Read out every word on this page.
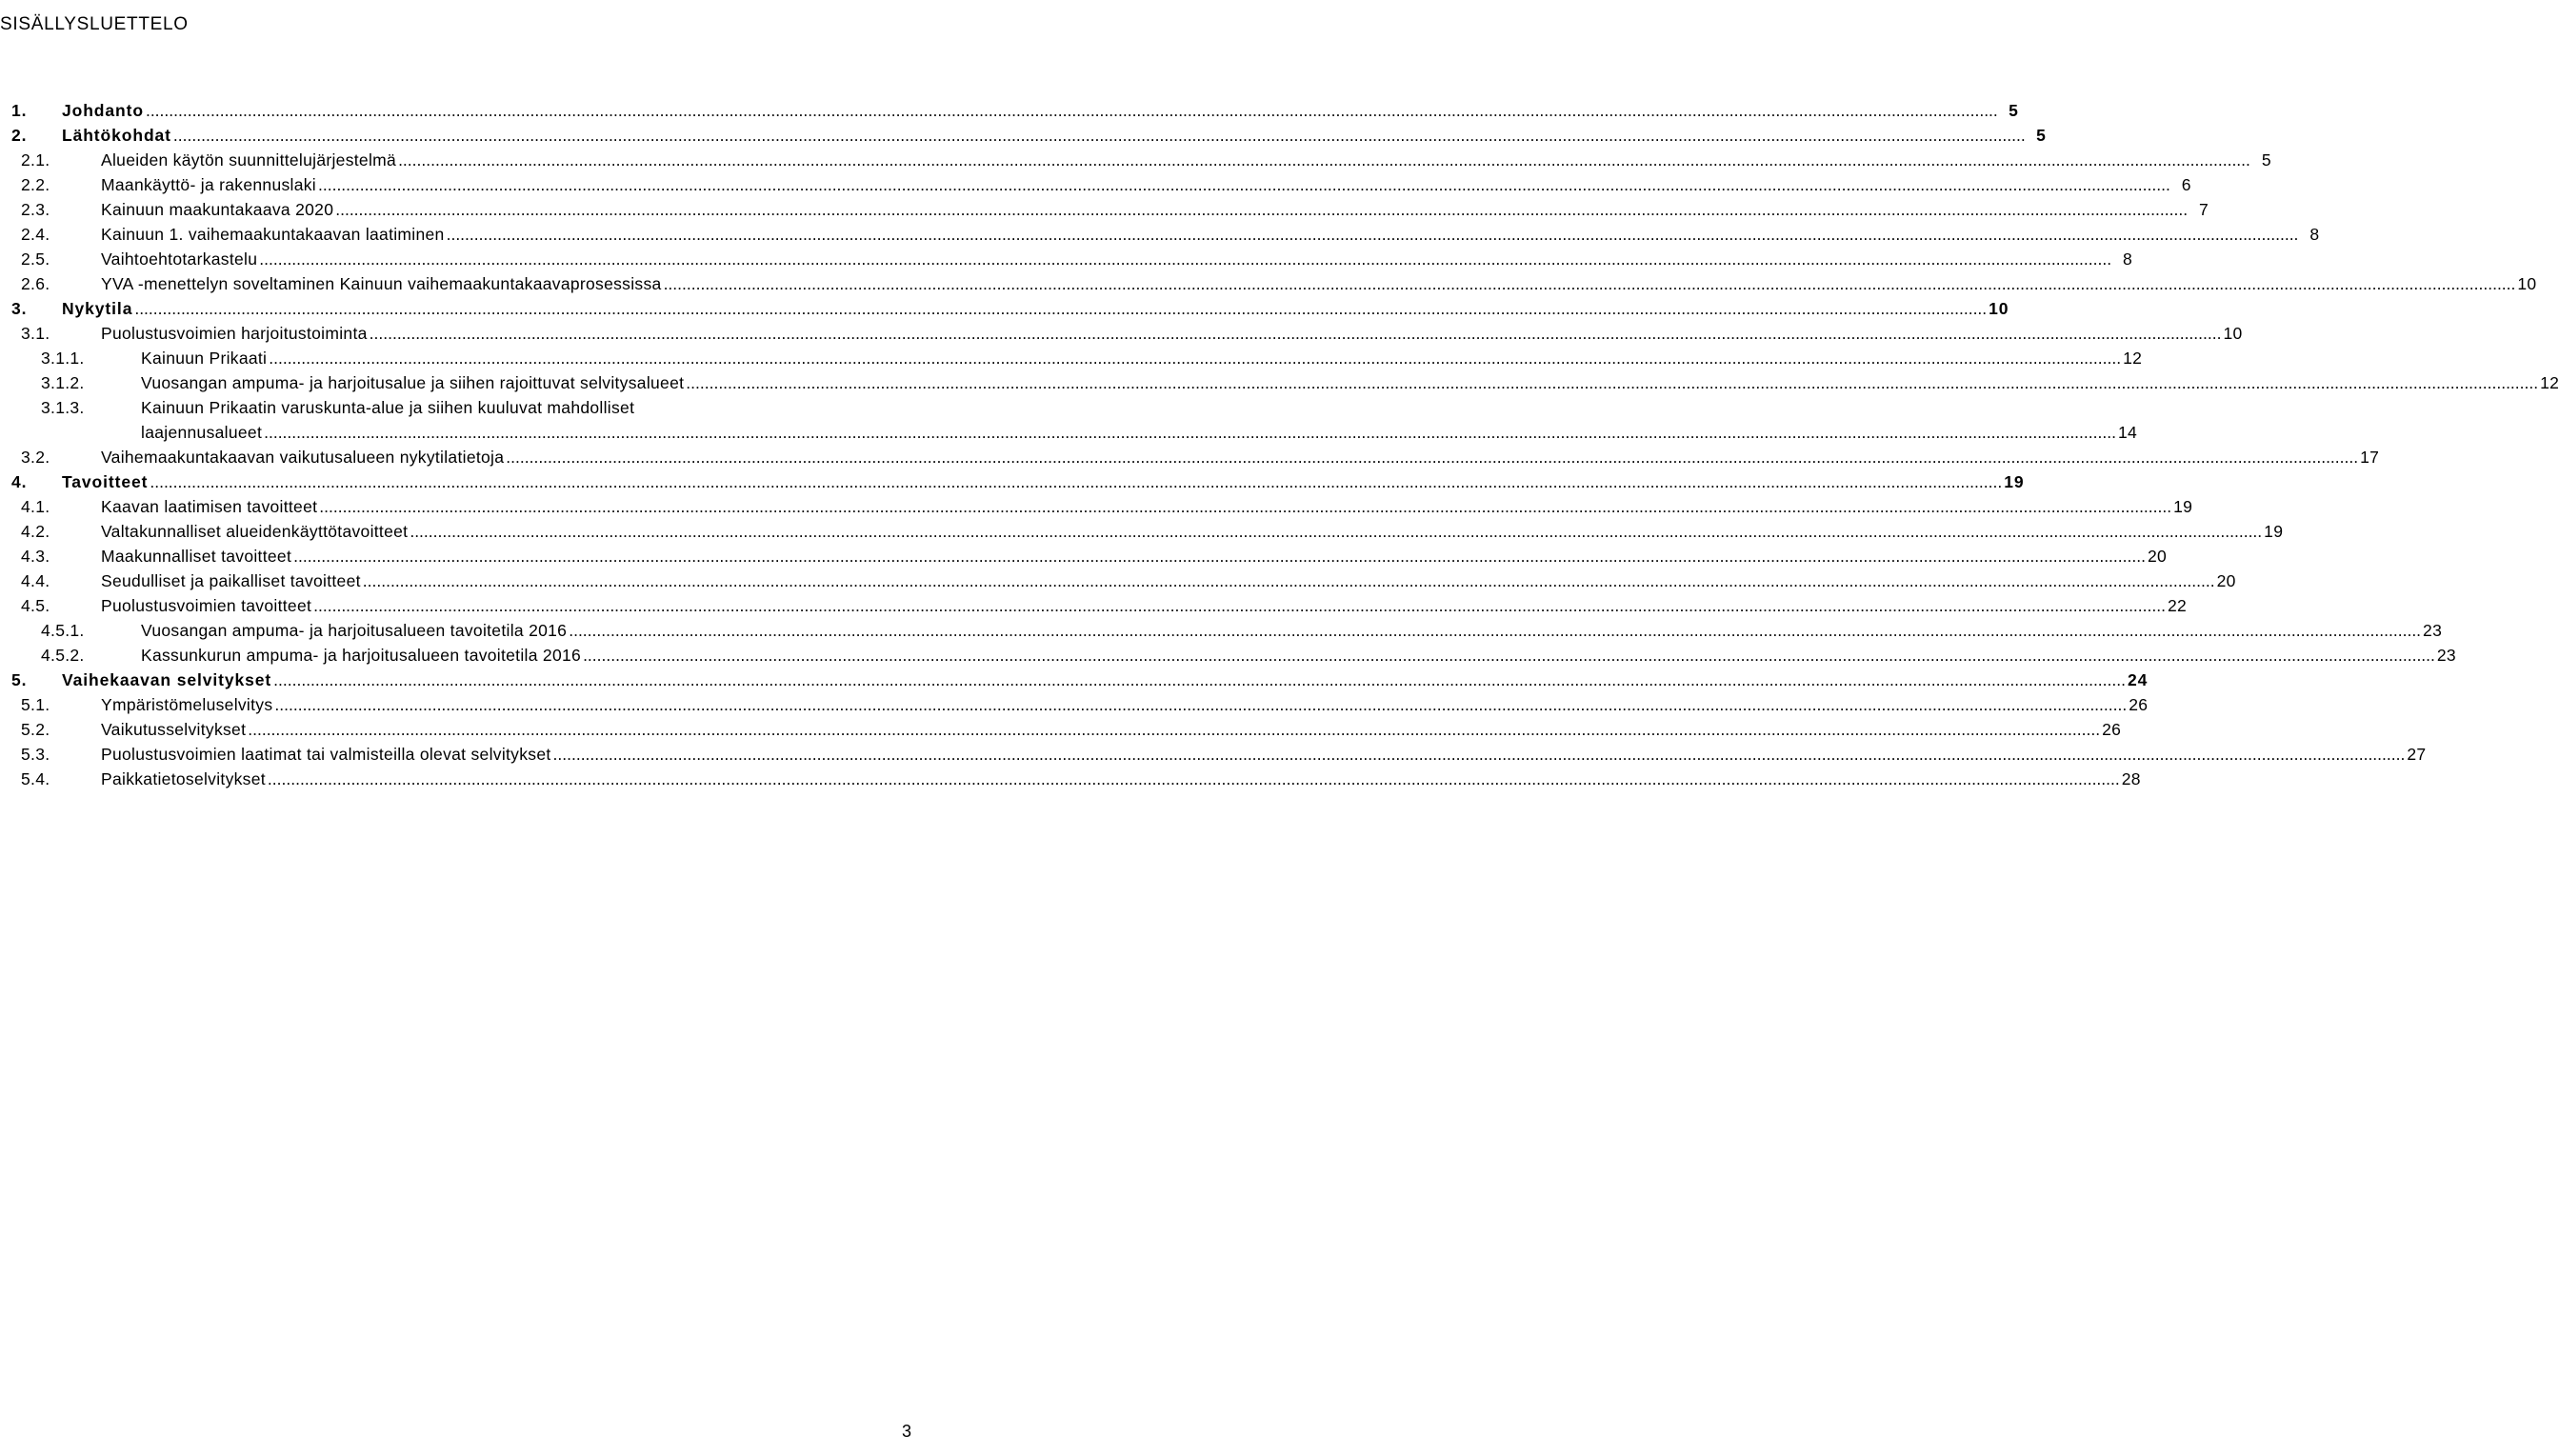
SISÄLLYSLUETTELO
1. Johdanto ................................................................................................................................................................................................................................................................................................................................................................................................................ 5
2. Lähtökohdat ................................................................................................................................................................................................................................................................................................................................................................................................................ 5
2.1.	Alueiden käytön suunnittelujärjestelmä ................................................................................................................................................................................................................................................................................................................................................................................................................ 5
2.2.	Maankäyttö- ja rakennuslaki ................................................................................................................................................................................................................................................................................................................................................................................................................ 6
2.3.	Kainuun maakuntakaava 2020 ................................................................................................................................................................................................................................................................................................................................................................................................................ 7
2.4.	Kainuun 1. vaihemaakuntakaavan laatiminen ................................................................................................................................................................................................................................................................................................................................................................................................................ 8
2.5.	Vaihtoehtotarkastelu ................................................................................................................................................................................................................................................................................................................................................................................................................ 8
2.6.	YVA -menettelyn soveltaminen Kainuun vaihemaakuntakaavaprosessissa ................................................................................................................................................................................................................................................................................................................................................................................................................ 10
3. Nykytila ................................................................................................................................................................................................................................................................................................................................................................................................................ 10
3.1.	Puolustusvoimien harjoitustoiminta ................................................................................................................................................................................................................................................................................................................................................................................................................ 10
3.1.1.	Kainuun Prikaati ................................................................................................................................................................................................................................................................................................................................................................................................................ 12
3.1.2.	Vuosangan ampuma- ja harjoitusalue ja siihen rajoittuvat selvitysalueet ................................................................................................................................................................................................................................................................................................................................................................................................................ 12
3.1.3.	Kainuun Prikaatin varuskunta-alue ja siihen kuuluvat mahdolliset
laajennusalueet ................................................................................................................................................................................................................................................................................................................................................................................................................ 14
3.2.	Vaihemaakuntakaavan vaikutusalueen nykytilatietoja ................................................................................................................................................................................................................................................................................................................................................................................................................ 17
4. Tavoitteet ................................................................................................................................................................................................................................................................................................................................................................................................................ 19
4.1.	Kaavan laatimisen tavoitteet ................................................................................................................................................................................................................................................................................................................................................................................................................ 19
4.2.	Valtakunnalliset alueidenkäyttötavoitteet ................................................................................................................................................................................................................................................................................................................................................................................................................ 19
4.3.	Maakunnalliset tavoitteet ................................................................................................................................................................................................................................................................................................................................................................................................................ 20
4.4.	Seudulliset ja paikalliset tavoitteet ................................................................................................................................................................................................................................................................................................................................................................................................................ 20
4.5.	Puolustusvoimien tavoitteet ................................................................................................................................................................................................................................................................................................................................................................................................................ 22
4.5.1.	Vuosangan ampuma- ja harjoitusalueen tavoitetila 2016 ................................................................................................................................................................................................................................................................................................................................................................................................................ 23
4.5.2.	Kassunkurun ampuma- ja harjoitusalueen tavoitetila 2016 ................................................................................................................................................................................................................................................................................................................................................................................................................ 23
5. Vaihekaavan selvitykset ................................................................................................................................................................................................................................................................................................................................................................................................................ 24
5.1.	Ympäristömeluselvitys ................................................................................................................................................................................................................................................................................................................................................................................................................ 26
5.2.	Vaikutusselvitykset ................................................................................................................................................................................................................................................................................................................................................................................................................ 26
5.3.	Puolustusvoimien laatimat tai valmisteilla olevat selvitykset ................................................................................................................................................................................................................................................................................................................................................................................................................ 27
5.4.	Paikkatietoselvitykset ................................................................................................................................................................................................................................................................................................................................................................................................................ 28
3
